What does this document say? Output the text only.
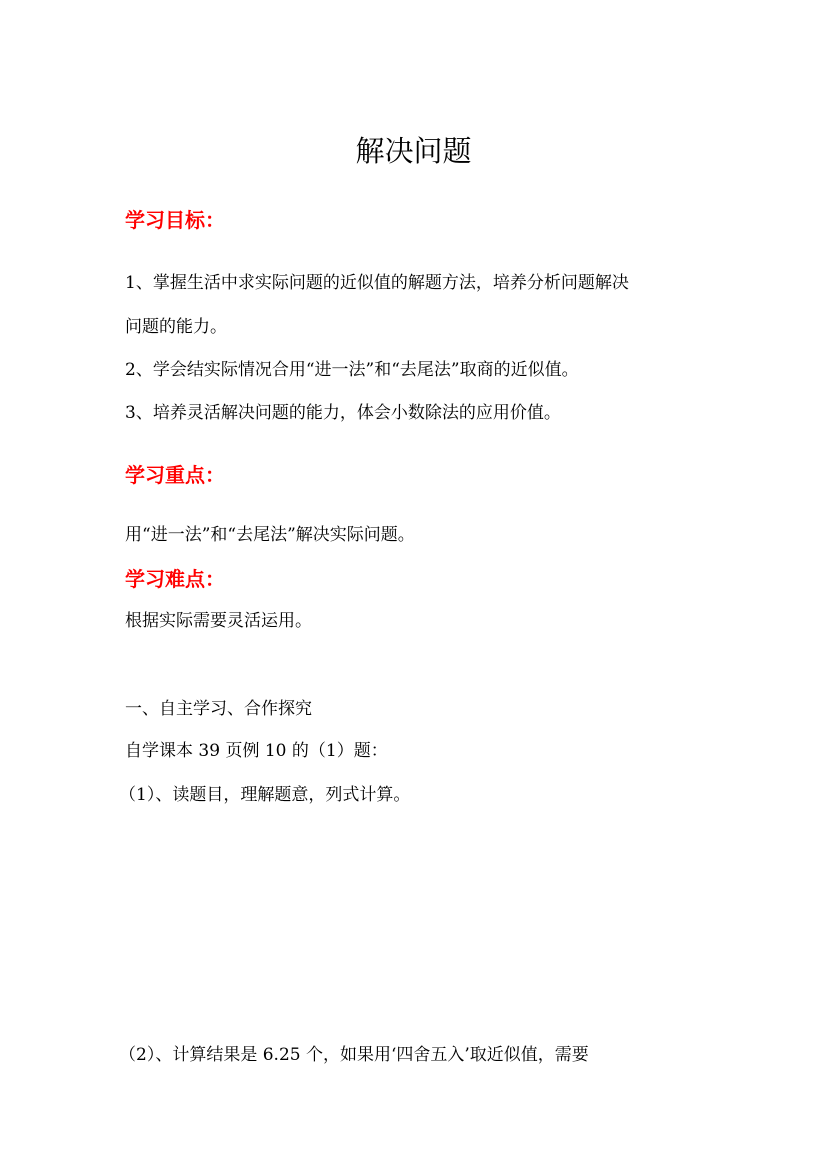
解决问题
学习目标：
1、掌握生活中求实际问题的近似值的解题方法，培养分析问题解决
问题的能力。
2、学会结实际情况合用“进一法”和“去尾法”取商的近似值。
3、培养灵活解决问题的能力，体会小数除法的应用价值。
学习重点：
用“进一法”和“去尾法”解决实际问题。
学习难点：
根据实际需要灵活运用。
一、自主学习、合作探究
自学课本 39 页例 10 的（1）题：
（1）、读题目，理解题意，列式计算。
（2）、计算结果是 6.25 个，如果用‘四舍五入’取近似值，需要
